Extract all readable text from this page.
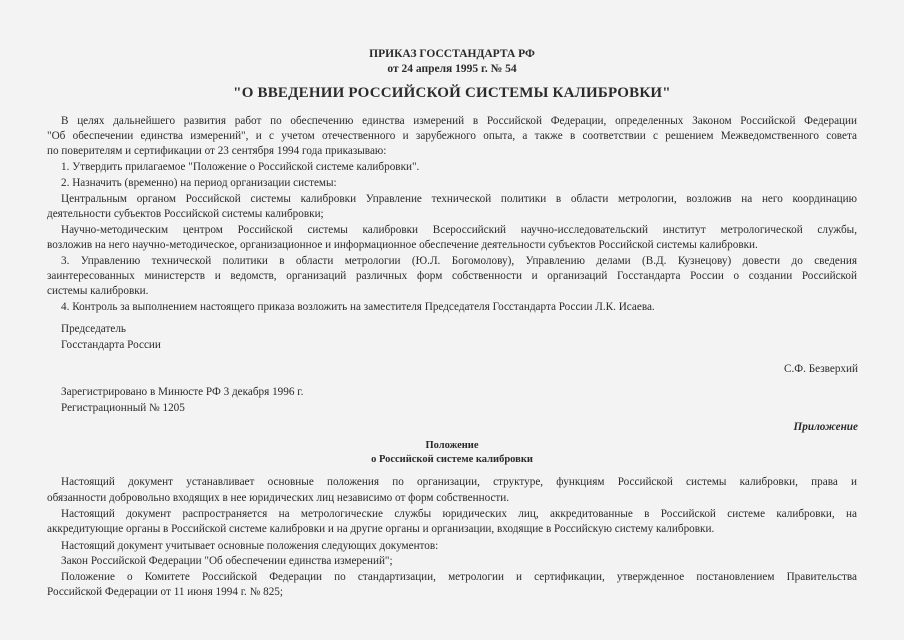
ПРИКАЗ ГОССТАНДАРТА РФ
от 24 апреля 1995 г. № 54
"О ВВЕДЕНИИ РОССИЙСКОЙ СИСТЕМЫ КАЛИБРОВКИ"
В целях дальнейшего развития работ по обеспечению единства измерений в Российской Федерации, определенных Законом Российской Федерации
"Об обеспечении единства измерений", и с учетом отечественного и зарубежного опыта, а также в соответствии с решением Межведомственного совета
по поверителям и сертификации от 23 сентября 1994 года приказываю:
1. Утвердить прилагаемое "Положение о Российской системе калибровки".
2. Назначить (временно) на период организации системы:
Центральным органом Российской системы калибровки Управление технической политики в области метрологии, возложив на него координацию
деятельности субъектов Российской системы калибровки;
Научно-методическим центром Российской системы калибровки Всероссийский научно-исследовательский институт метрологической службы,
возложив на него научно-методическое, организационное и информационное обеспечение деятельности субъектов Российской системы калибровки.
3. Управлению технической политики в области метрологии (Ю.Л. Богомолову), Управлению делами (В.Д. Кузнецову) довести до сведения
заинтересованных министерств и ведомств, организаций различных форм собственности и организаций Госстандарта России о создании Российской
системы калибровки.
4. Контроль за выполнением настоящего приказа возложить на заместителя Председателя Госстандарта России Л.К. Исаева.
Председатель
Госстандарта России
С.Ф. Безверхий
Зарегистрировано в Минюсте РФ 3 декабря 1996 г.
Регистрационный № 1205
Приложение
Положение
о Российской системе калибровки
Настоящий документ устанавливает основные положения по организации, структуре, функциям Российской системы калибровки, права и
обязанности добровольно входящих в нее юридических лиц независимо от форм собственности.
Настоящий документ распространяется на метрологические службы юридических лиц, аккредитованные в Российской системе калибровки, на
аккредитующие органы в Российской системе калибровки и на другие органы и организации, входящие в Российскую систему калибровки.
Настоящий документ учитывает основные положения следующих документов:
Закон Российской Федерации "Об обеспечении единства измерений";
Положение о Комитете Российской Федерации по стандартизации, метрологии и сертификации, утвержденное постановлением Правительства
Российской Федерации от 11 июня 1994 г. № 825;
